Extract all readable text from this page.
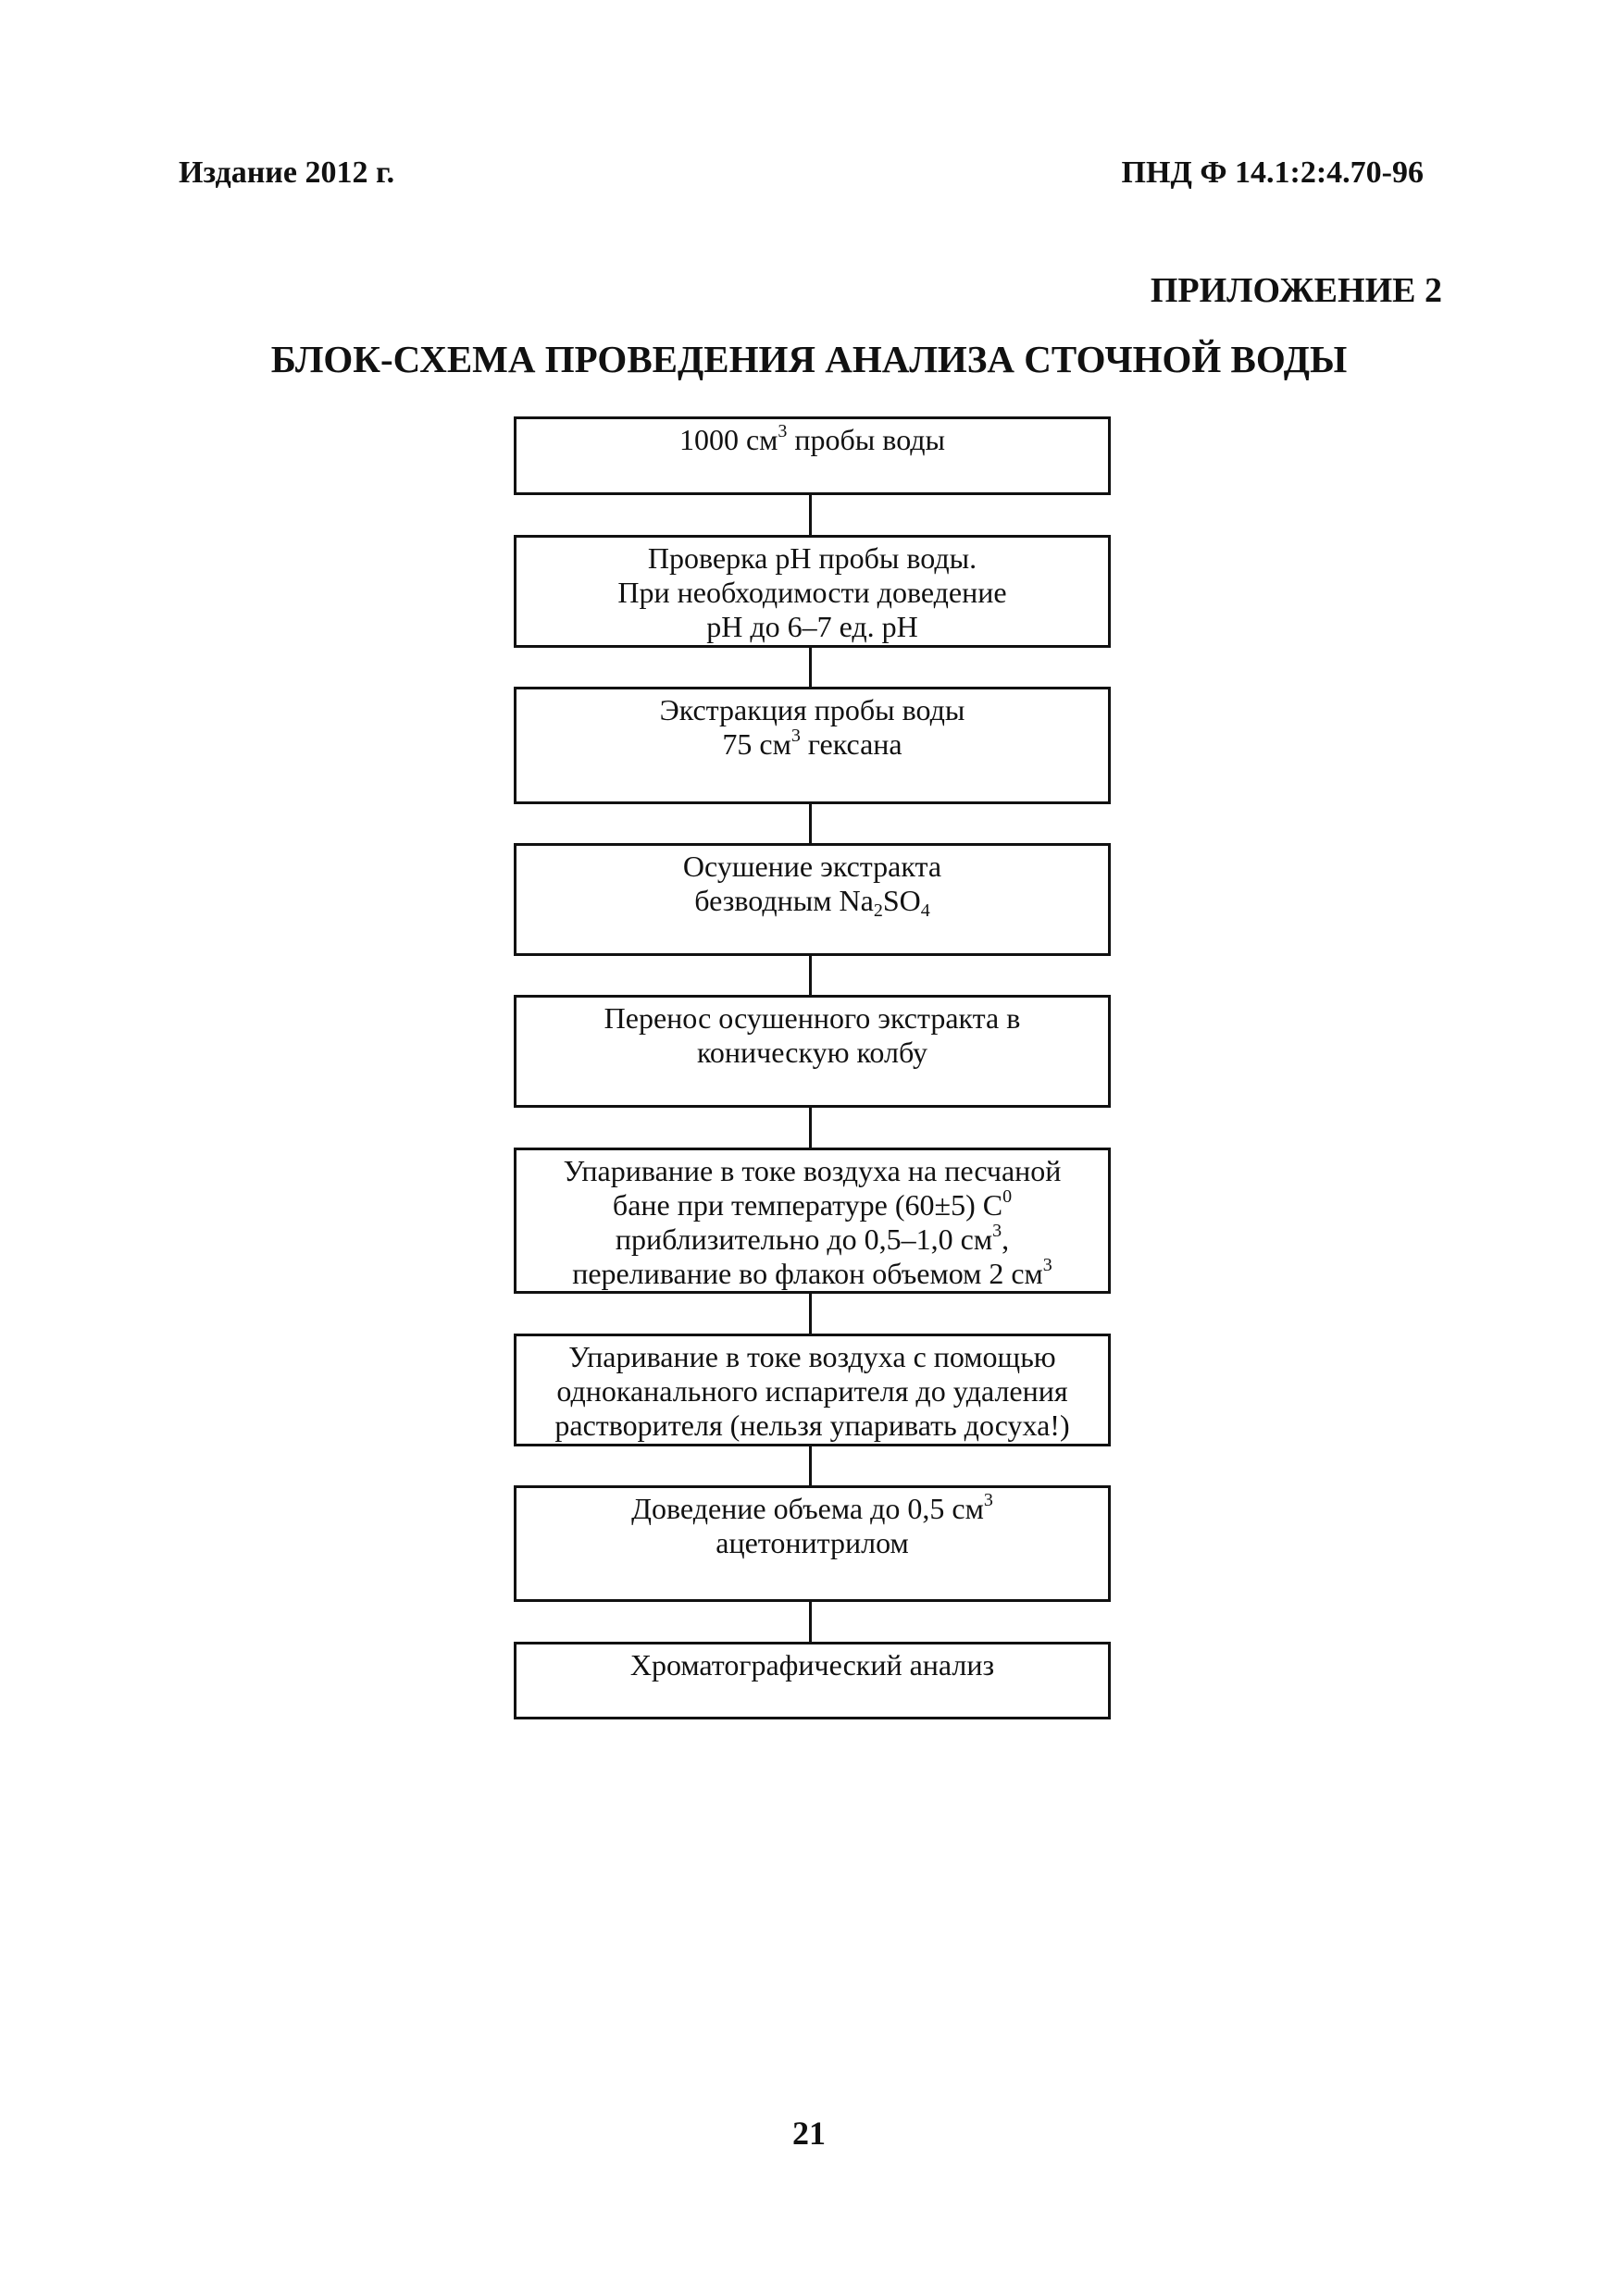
Издание 2012 г.	ПНД Ф 14.1:2:4.70-96
ПРИЛОЖЕНИЕ 2
БЛОК-СХЕМА ПРОВЕДЕНИЯ АНАЛИЗА СТОЧНОЙ ВОДЫ
1000 $см^3$ пробы воды
Проверка рН пробы воды.
При необходимости доведение
рН до 6–7 ед. рН
Экстракция пробы воды
75 $см^3$ гексана
Осушение экстракта
безводным $Na_2SO_4$
Перенос осушенного экстракта в
коническую колбу
Упаривание в токе воздуха на песчаной
бане при температуре (60±5) $С^0$
приблизительно до 0,5–1,0 $см^3$,
переливание во флакон объемом 2 $см^3$
Упаривание в токе воздуха с помощью
одноканального испарителя до удаления
растворителя (нельзя упаривать досуха!)
Доведение объема до 0,5 $см^3$
ацетонитрилом
Хроматографический анализ
21
